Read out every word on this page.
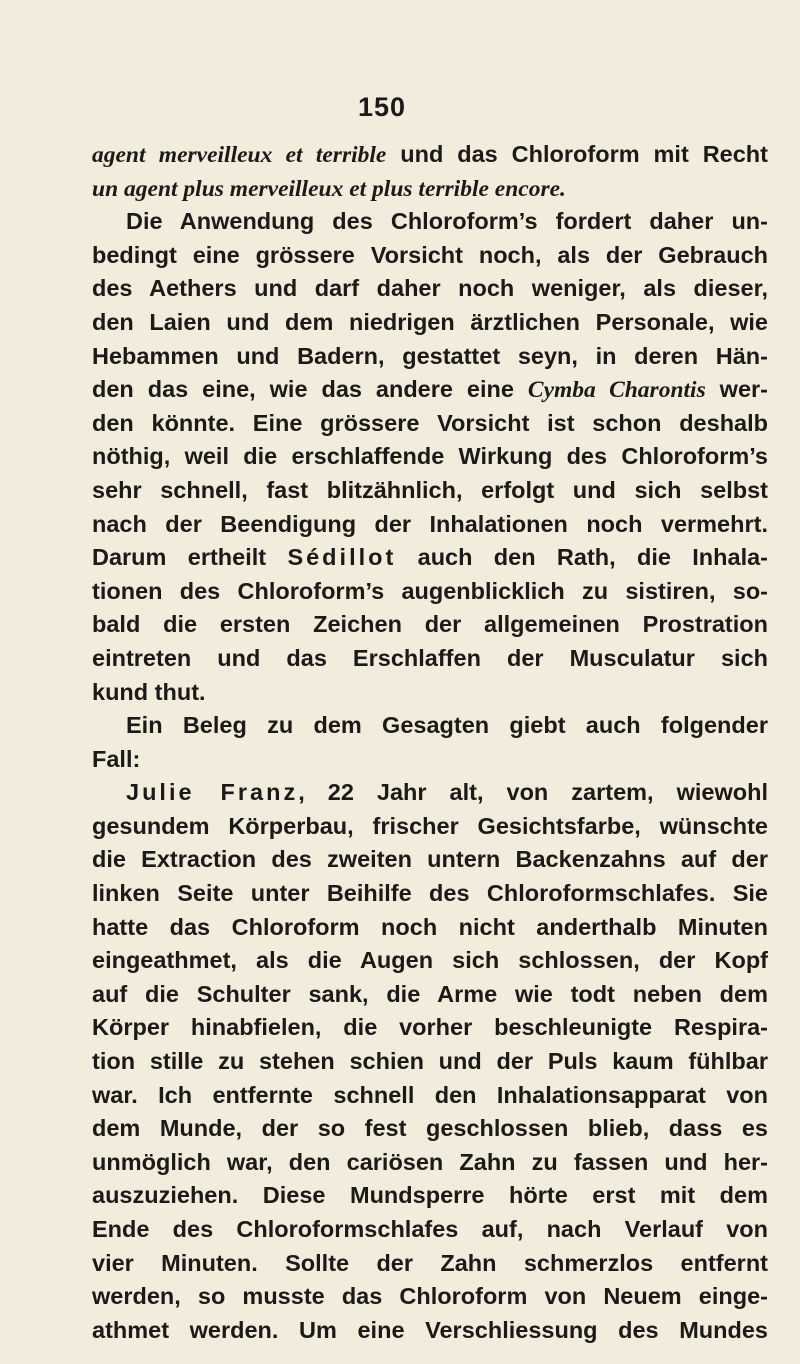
150
agent merveilleux et terrible und das Chloroform mit Recht
un agent plus merveilleux et plus terrible encore.
Die Anwendung des Chloroform’s fordert daher un-
bedingt eine grössere Vorsicht noch, als der Gebrauch
des Aethers und darf daher noch weniger, als dieser,
den Laien und dem niedrigen ärztlichen Personale, wie
Hebammen und Badern, gestattet seyn, in deren Hän-
den das eine, wie das andere eine Cymba Charontis wer-
den könnte. Eine grössere Vorsicht ist schon deshalb
nöthig, weil die erschlaffende Wirkung des Chloroform’s
sehr schnell, fast blitzähnlich, erfolgt und sich selbst
nach der Beendigung der Inhalationen noch vermehrt.
Darum ertheilt Sédillot auch den Rath, die Inhala-
tionen des Chloroform’s augenblicklich zu sistiren, so-
bald die ersten Zeichen der allgemeinen Prostration
eintreten und das Erschlaffen der Musculatur sich
kund thut.
Ein Beleg zu dem Gesagten giebt auch folgender
Fall:
Julie Franz, 22 Jahr alt, von zartem, wiewohl
gesundem Körperbau, frischer Gesichtsfarbe, wünschte
die Extraction des zweiten untern Backenzahns auf der
linken Seite unter Beihilfe des Chloroformschlafes. Sie
hatte das Chloroform noch nicht anderthalb Minuten
eingeathmet, als die Augen sich schlossen, der Kopf
auf die Schulter sank, die Arme wie todt neben dem
Körper hinabfielen, die vorher beschleunigte Respira-
tion stille zu stehen schien und der Puls kaum fühlbar
war. Ich entfernte schnell den Inhalationsapparat von
dem Munde, der so fest geschlossen blieb, dass es
unmöglich war, den cariösen Zahn zu fassen und her-
auszuziehen. Diese Mundsperre hörte erst mit dem
Ende des Chloroformschlafes auf, nach Verlauf von
vier Minuten. Sollte der Zahn schmerzlos entfernt
werden, so musste das Chloroform von Neuem einge-
athmet werden. Um eine Verschliessung des Mundes
